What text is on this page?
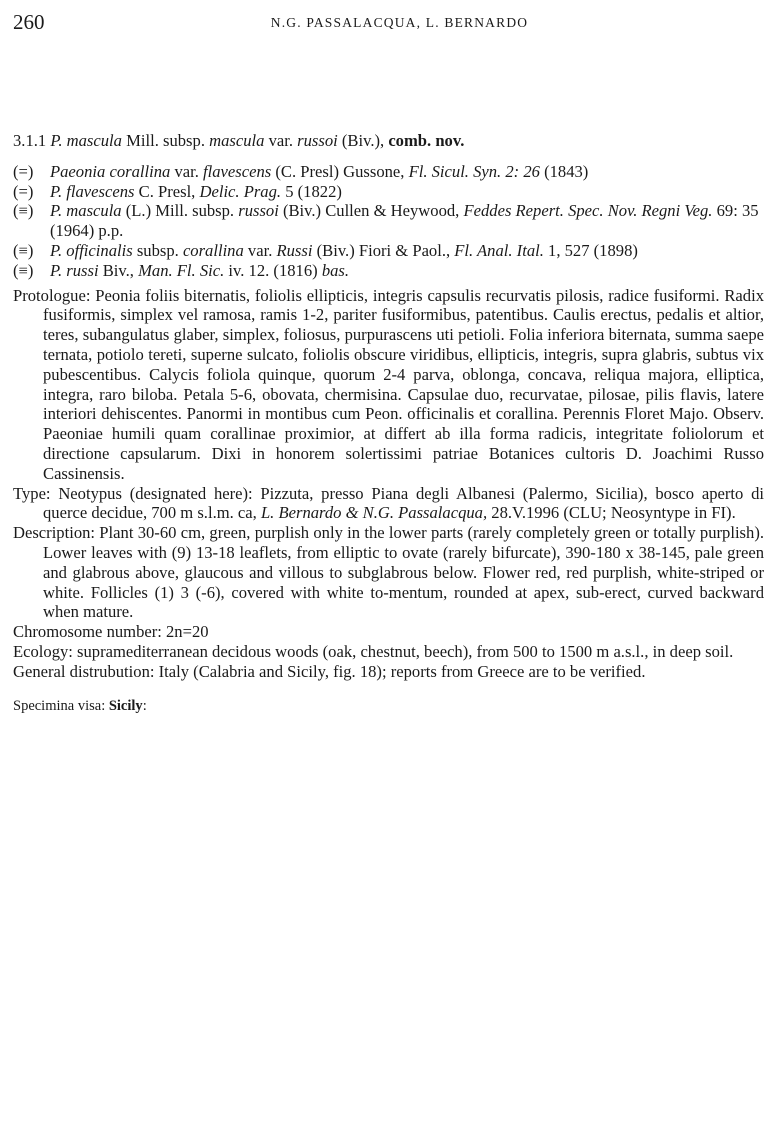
260	N.G. PASSALACQUA, L. BERNARDO
3.1.1 P. mascula Mill. subsp. mascula var. russoi (Biv.), comb. nov.
(=) Paeonia corallina var. flavescens (C. Presl) Gussone, Fl. Sicul. Syn. 2: 26 (1843)
(=) P. flavescens C. Presl, Delic. Prag. 5 (1822)
(≡) P. mascula (L.) Mill. subsp. russoi (Biv.) Cullen & Heywood, Feddes Repert. Spec. Nov. Regni Veg. 69: 35 (1964) p.p.
(≡) P. officinalis subsp. corallina var. Russi (Biv.) Fiori & Paol., Fl. Anal. Ital. 1, 527 (1898)
(≡) P. russi Biv., Man. Fl. Sic. iv. 12. (1816) bas.
Protologue: Peonia foliis biternatis, foliolis ellipticis, integris capsulis recurvatis pilosis, radice fusiformi. Radix fusiformis, simplex vel ramosa, ramis 1-2, pariter fusiformibus, patentibus. Caulis erectus, pedalis et altior, teres, subangulatus glaber, simplex, foliosus, purpurascens uti petioli. Folia inferiora biternata, summa saepe ternata, potiolo tereti, superne sulcato, foliolis obscure viridibus, ellipticis, integris, supra glabris, subtus vix pubescentibus. Calycis foliola quinque, quorum 2-4 parva, oblonga, concava, reliqua majora, elliptica, integra, raro biloba. Petala 5-6, obovata, chermisina. Capsulae duo, recurvatae, pilosae, pilis flavis, latere interiori dehiscentes. Panormi in montibus cum Peon. officinalis et corallina. Perennis Floret Majo. Observ. Paeoniae humili quam corallinae proximior, at differt ab illa forma radicis, integritate foliolorum et directione capsularum. Dixi in honorem solertissimi patriae Botanices cultoris D. Joachimi Russo Cassinensis.
Type: Neotypus (designated here): Pizzuta, presso Piana degli Albanesi (Palermo, Sicilia), bosco aperto di querce decidue, 700 m s.l.m. ca, L. Bernardo & N.G. Passalacqua, 28.V.1996 (CLU; Neosyntype in FI).
Description: Plant 30-60 cm, green, purplish only in the lower parts (rarely completely green or totally purplish). Lower leaves with (9) 13-18 leaflets, from elliptic to ovate (rarely bifurcate), 390-180 x 38-145, pale green and glabrous above, glaucous and villous to subglabrous below. Flower red, red purplish, white-striped or white. Follicles (1) 3 (-6), covered with white to-mentum, rounded at apex, sub-erect, curved backward when mature.
Chromosome number: 2n=20
Ecology: supramediterranean decidous woods (oak, chestnut, beech), from 500 to 1500 m a.s.l., in deep soil.
General distrubution: Italy (Calabria and Sicily, fig. 18); reports from Greece are to be verified.
Specimina visa: Sicily:
